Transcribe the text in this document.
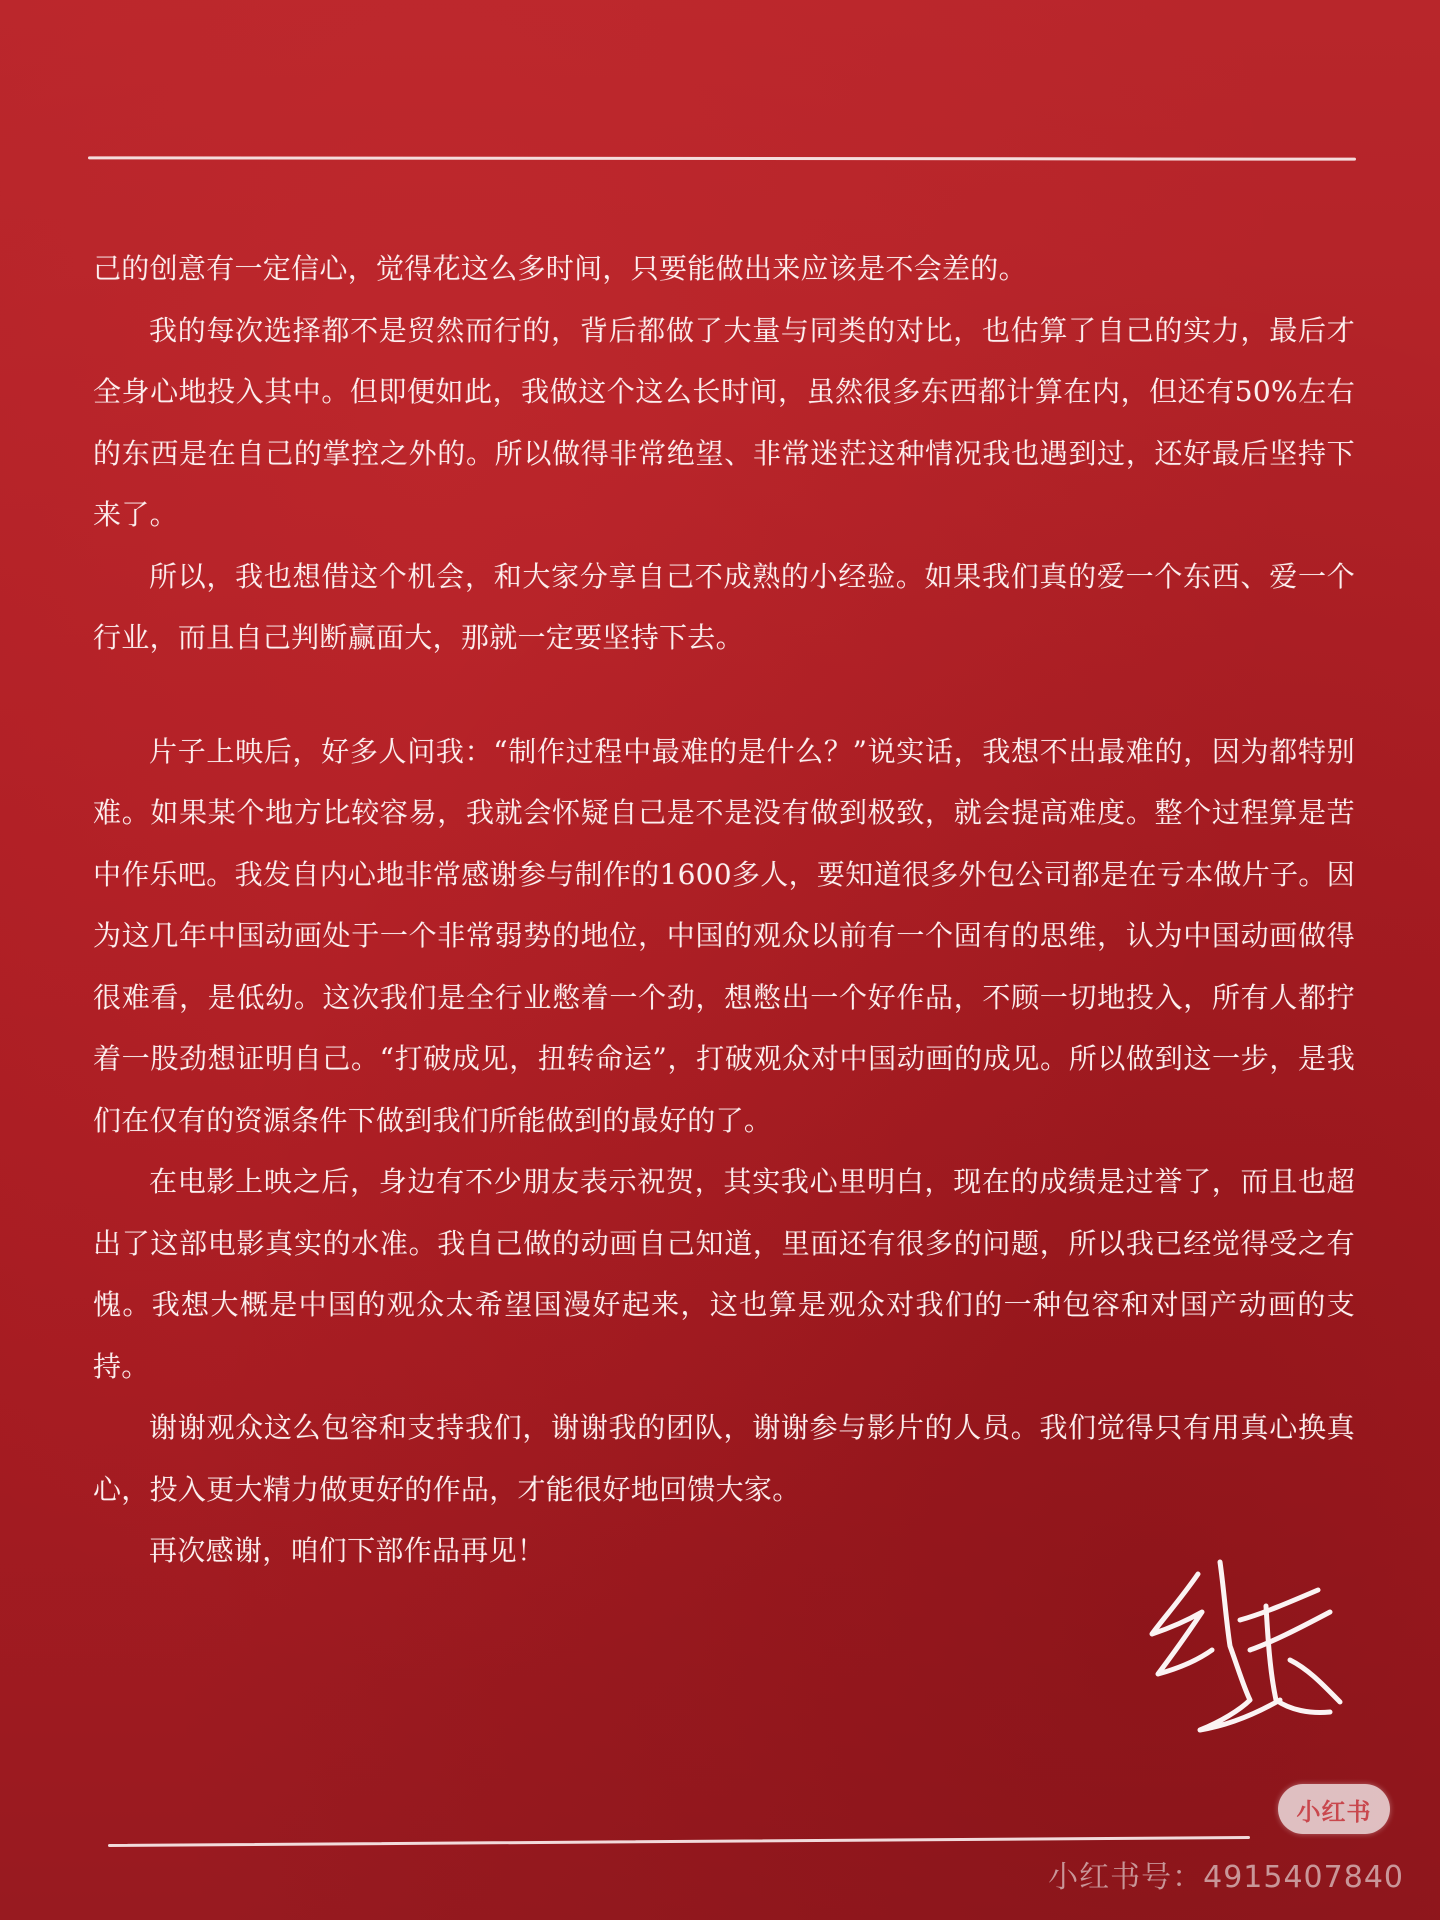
己的创意有一定信心，觉得花这么多时间，只要能做出来应该是不会差的。

我的每次选择都不是贸然而行的，背后都做了大量与同类的对比，也估算了自己的实力，最后才全身心地投入其中。但即便如此，我做这个这么长时间，虽然很多东西都计算在内，但还有50%左右的东西是在自己的掌控之外的。所以做得非常绝望、非常迷茫这种情况我也遇到过，还好最后坚持下来了。

所以，我也想借这个机会，和大家分享自己不成熟的小经验。如果我们真的爱一个东西、爱一个行业，而且自己判断赢面大，那就一定要坚持下去。

片子上映后，好多人问我：“制作过程中最难的是什么？”说实话，我想不出最难的，因为都特别难。如果某个地方比较容易，我就会怀疑自己是不是没有做到极致，就会提高难度。整个过程算是苦中作乐吧。我发自内心地非常感谢参与制作的1600多人，要知道很多外包公司都是在亏本做片子。因为这几年中国动画处于一个非常弱势的地位，中国的观众以前有一个固有的思维，认为中国动画做得很难看，是低幼。这次我们是全行业憋着一个劲，想憋出一个好作品，不顾一切地投入，所有人都拧着一股劲想证明自己。“打破成见，扭转命运”，打破观众对中国动画的成见。所以做到这一步，是我们在仅有的资源条件下做到我们所能做到的最好的了。

在电影上映之后，身边有不少朋友表示祝贺，其实我心里明白，现在的成绩是过誉了，而且也超出了这部电影真实的水准。我自己做的动画自己知道，里面还有很多的问题，所以我已经觉得受之有愧。我想大概是中国的观众太希望国漫好起来，这也算是观众对我们的一种包容和对国产动画的支持。

谢谢观众这么包容和支持我们，谢谢我的团队，谢谢参与影片的人员。我们觉得只有用真心换真心，投入更大精力做更好的作品，才能很好地回馈大家。

再次感谢，咱们下部作品再见！

小红书
小红书号：4915407840
